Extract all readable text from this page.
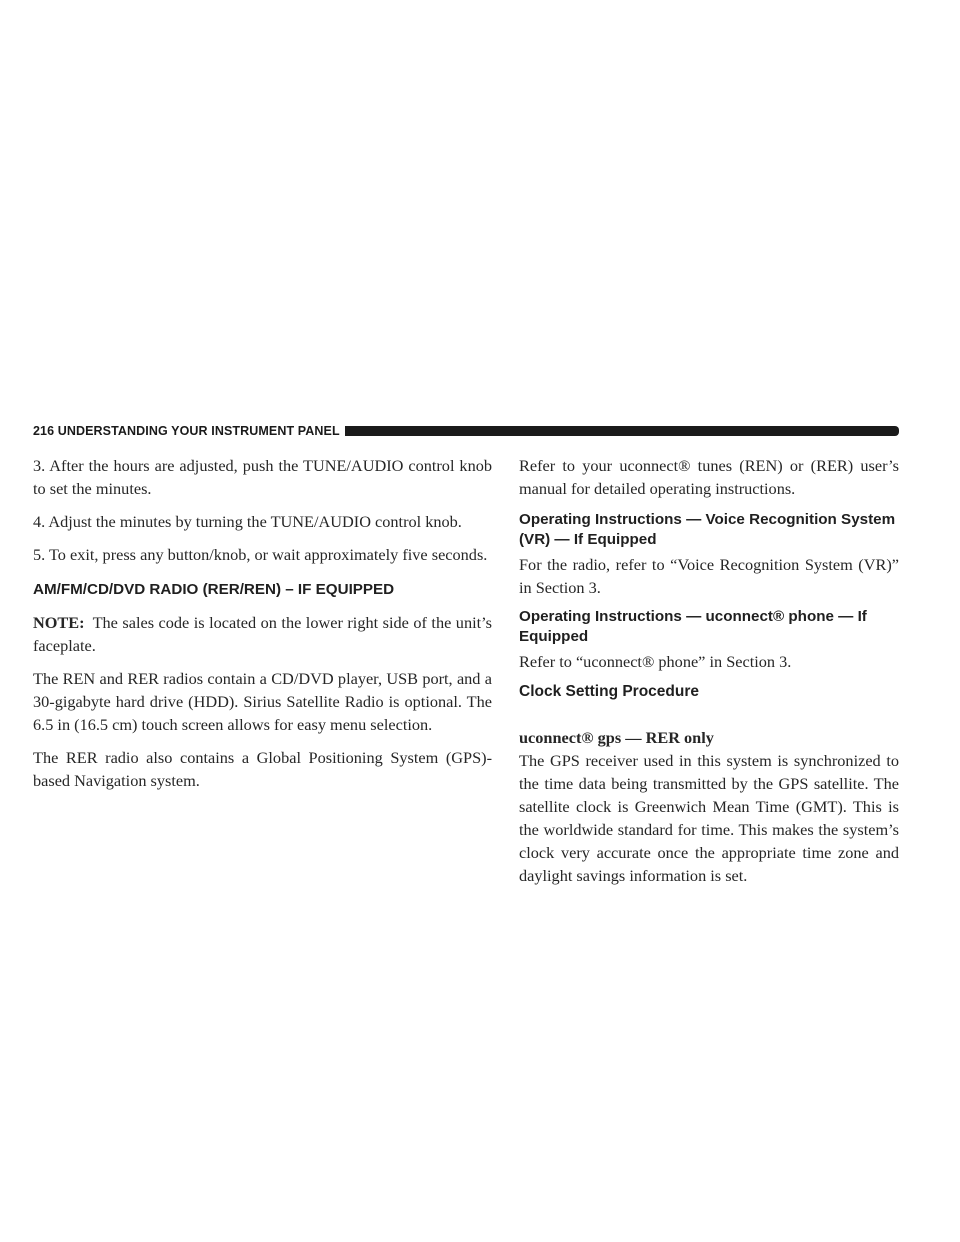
216 UNDERSTANDING YOUR INSTRUMENT PANEL

3. After the hours are adjusted, push the TUNE/AUDIO control knob to set the minutes.

4. Adjust the minutes by turning the TUNE/AUDIO control knob.

5. To exit, press any button/knob, or wait approximately five seconds.

AM/FM/CD/DVD RADIO (RER/REN) – IF EQUIPPED

NOTE: The sales code is located on the lower right side of the unit’s faceplate.

The REN and RER radios contain a CD/DVD player, USB port, and a 30-gigabyte hard drive (HDD). Sirius Satellite Radio is optional. The 6.5 in (16.5 cm) touch screen allows for easy menu selection.

The RER radio also contains a Global Positioning System (GPS)-based Navigation system.

Refer to your uconnect® tunes (REN) or (RER) user’s manual for detailed operating instructions.

Operating Instructions — Voice Recognition System (VR) — If Equipped

For the radio, refer to “Voice Recognition System (VR)” in Section 3.

Operating Instructions — uconnect® phone — If Equipped

Refer to “uconnect® phone” in Section 3.

Clock Setting Procedure
uconnect® gps — RER only

The GPS receiver used in this system is synchronized to the time data being transmitted by the GPS satellite. The satellite clock is Greenwich Mean Time (GMT). This is the worldwide standard for time. This makes the system’s clock very accurate once the appropriate time zone and daylight savings information is set.
